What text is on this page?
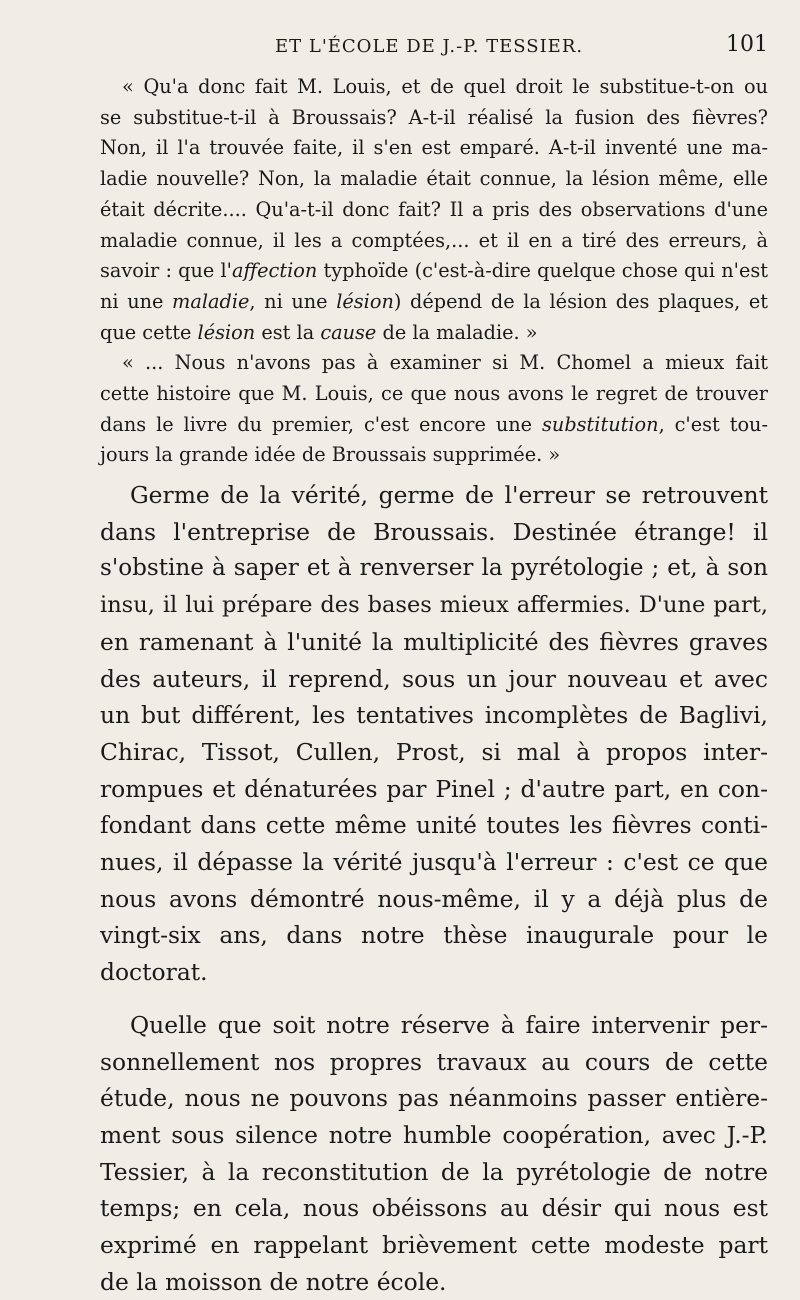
ET L'ÉCOLE DE J.-P. TESSIER.	101
« Qu'a donc fait M. Louis, et de quel droit le substitue-t-on ou
se substitue-t-il à Broussais? A-t-il réalisé la fusion des fièvres?
Non, il l'a trouvée faite, il s'en est emparé. A-t-il inventé une ma-
ladie nouvelle? Non, la maladie était connue, la lésion même, elle
était décrite.... Qu'a-t-il donc fait? Il a pris des observations d'une
maladie connue, il les a comptées,... et il en a tiré des erreurs, à
savoir : que l'affection typhoïde (c'est-à-dire quelque chose qui n'est
ni une maladie, ni une lésion) dépend de la lésion des plaques, et
que cette lésion est la cause de la maladie. »
« ... Nous n'avons pas à examiner si M. Chomel a mieux fait
cette histoire que M. Louis, ce que nous avons le regret de trouver
dans le livre du premier, c'est encore une substitution, c'est tou-
jours la grande idée de Broussais supprimée. »
Germe de la vérité, germe de l'erreur se retrouvent
dans l'entreprise de Broussais. Destinée étrange! il
s'obstine à saper et à renverser la pyrétologie ; et, à son
insu, il lui prépare des bases mieux affermies. D'une part,
en ramenant à l'unité la multiplicité des fièvres graves
des auteurs, il reprend, sous un jour nouveau et avec
un but différent, les tentatives incomplètes de Baglivi,
Chirac, Tissot, Cullen, Prost, si mal à propos inter-
rompues et dénaturées par Pinel ; d'autre part, en con-
fondant dans cette même unité toutes les fièvres conti-
nues, il dépasse la vérité jusqu'à l'erreur : c'est ce que
nous avons démontré nous-même, il y a déjà plus de
vingt-six ans, dans notre thèse inaugurale pour le
doctorat.
Quelle que soit notre réserve à faire intervenir per-
sonnellement nos propres travaux au cours de cette
étude, nous ne pouvons pas néanmoins passer entière-
ment sous silence notre humble coopération, avec J.-P.
Tessier, à la reconstitution de la pyrétologie de notre
temps; en cela, nous obéissons au désir qui nous est
exprimé en rappelant brièvement cette modeste part
de la moisson de notre école.
